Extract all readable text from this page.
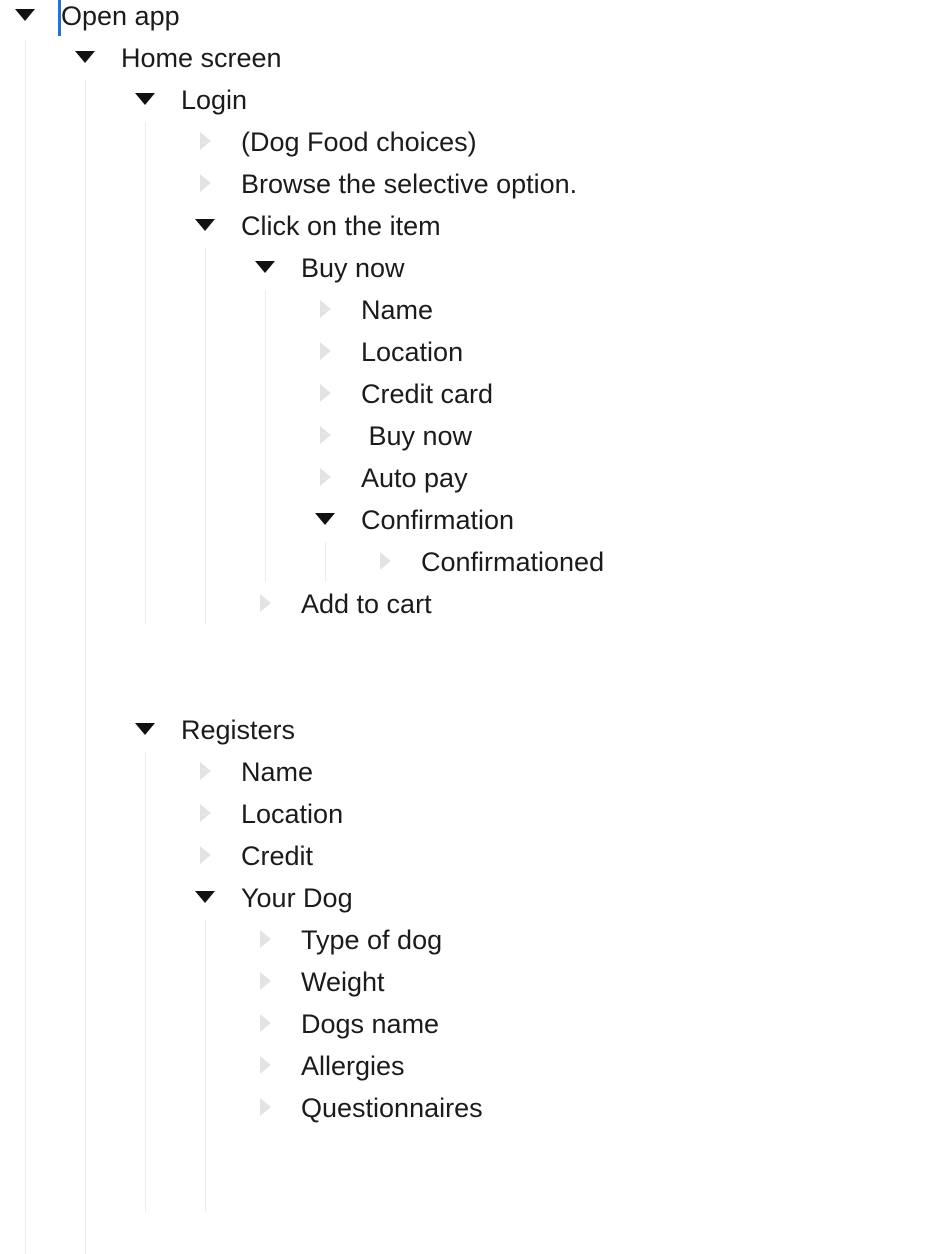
Open app
Home screen
Login
(Dog Food choices)
Browse the selective option.
Click on the item
Buy now
Name
Location
Credit card
Buy now
Auto pay
Confirmation
Confirmationed
Add to cart
Registers
Name
Location
Credit
Your Dog
Type of dog
Weight
Dogs name
Allergies
Questionnaires
